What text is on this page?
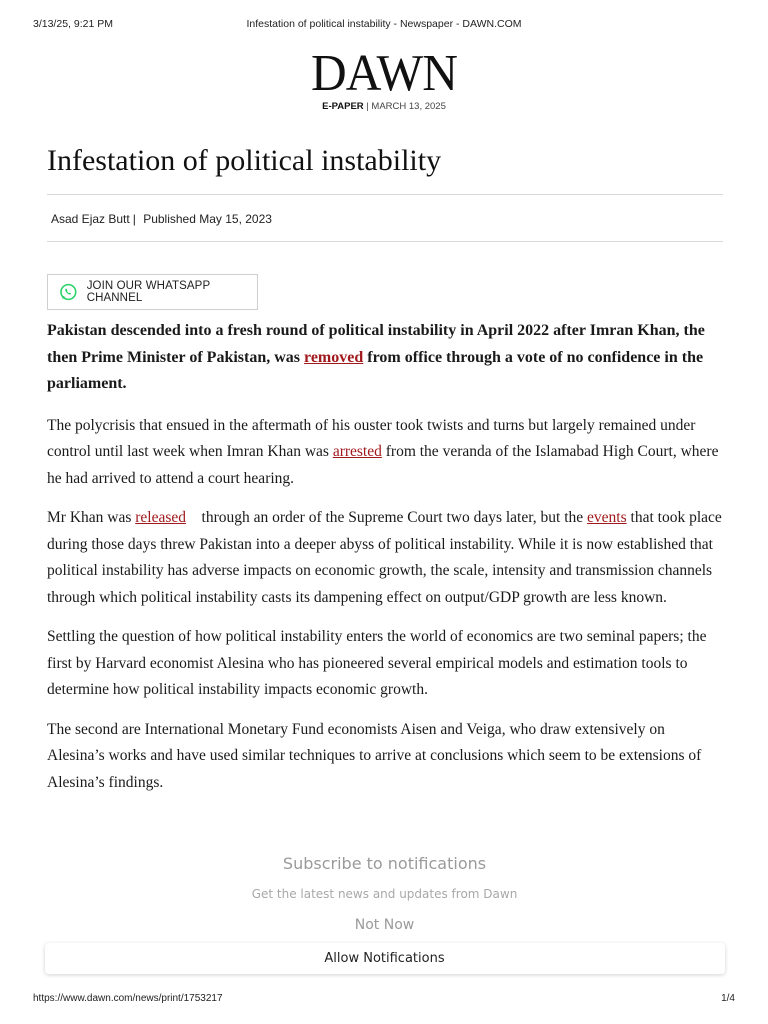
3/13/25, 9:21 PM	Infestation of political instability - Newspaper - DAWN.COM
DAWN
E-PAPER | MARCH 13, 2025
Infestation of political instability
Asad Ejaz Butt | Published May 15, 2023
JOIN OUR WHATSAPP CHANNEL

Pakistan descended into a fresh round of political instability in April 2022 after Imran Khan, the then Prime Minister of Pakistan, was removed from office through a vote of no confidence in the parliament.

The polycrisis that ensued in the aftermath of his ouster took twists and turns but largely remained under control until last week when Imran Khan was arrested from the veranda of the Islamabad High Court, where he had arrived to attend a court hearing.

Mr Khan was released    through an order of the Supreme Court two days later, but the events that took place during those days threw Pakistan into a deeper abyss of political instability. While it is now established that political instability has adverse impacts on economic growth, the scale, intensity and transmission channels through which political instability casts its dampening effect on output/GDP growth are less known.

Settling the question of how political instability enters the world of economics are two seminal papers; the first by Harvard economist Alesina who has pioneered several empirical models and estimation tools to determine how political instability impacts economic growth.

The second are International Monetary Fund economists Aisen and Veiga, who draw extensively on Alesina’s works and have used similar techniques to arrive at conclusions which seem to be extensions of Alesina’s findings.

Subscribe to notifications
Get the latest news and updates from Dawn
Not Now
Allow Notifications
https://www.dawn.com/news/print/1753217	1/4
